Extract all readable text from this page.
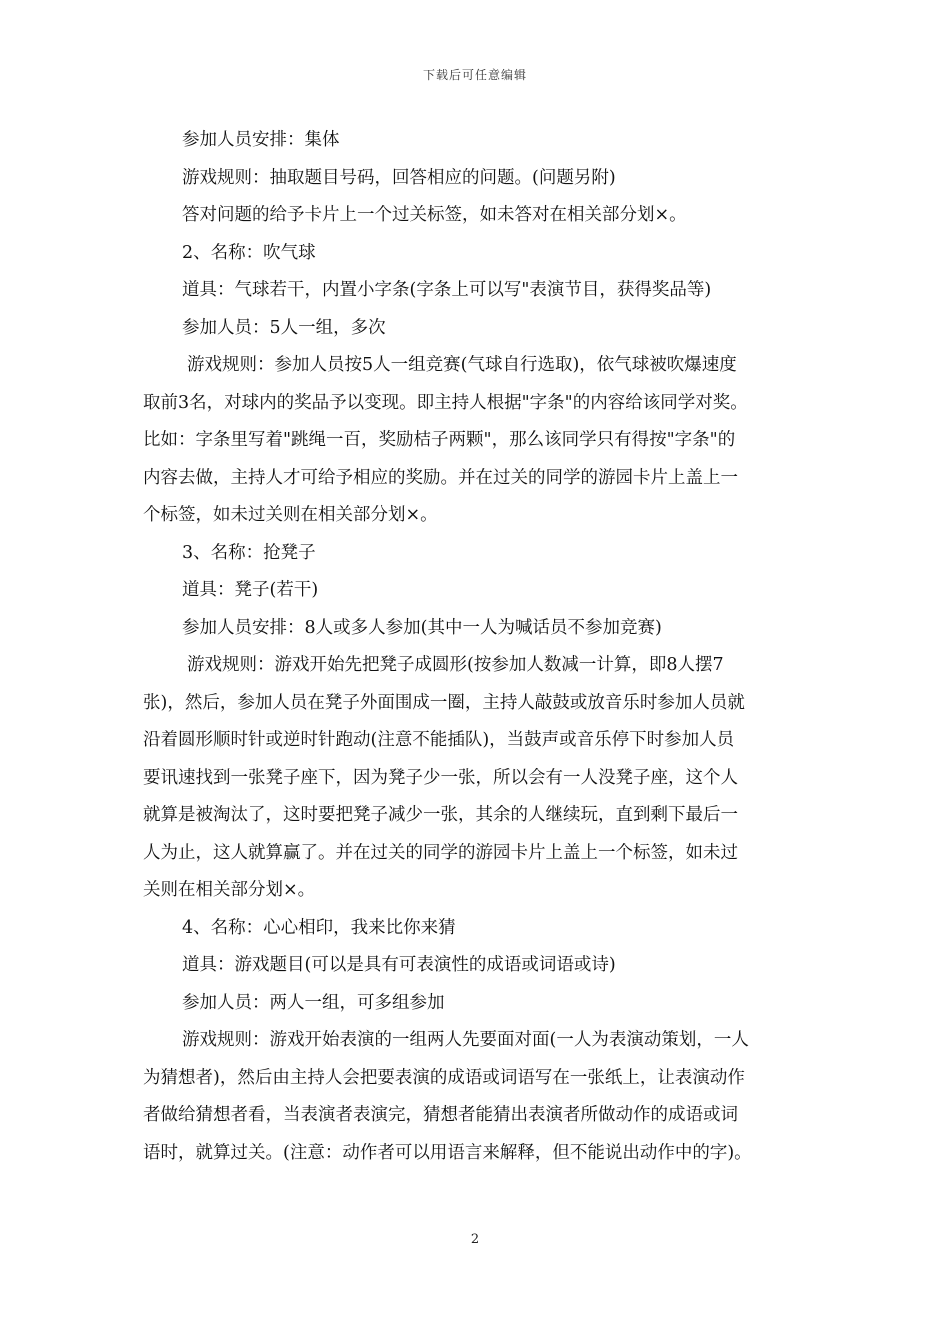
下载后可任意编辑

参加人员安排：集体

游戏规则：抽取题目号码，回答相应的问题。(问题另附)

答对问题的给予卡片上一个过关标签，如未答对在相关部分划×。

2、名称：吹气球

道具：气球若干，内置小字条(字条上可以写"表演节目，获得奖品等)

参加人员：5人一组，多次

游戏规则：参加人员按5人一组竞赛(气球自行选取)，依气球被吹爆速度
取前3名，对球内的奖品予以变现。即主持人根据"字条"的内容给该同学对奖。
比如：字条里写着"跳绳一百，奖励桔子两颗"，那么该同学只有得按"字条"的
内容去做，主持人才可给予相应的奖励。并在过关的同学的游园卡片上盖上一
个标签，如未过关则在相关部分划×。

3、名称：抢凳子

道具：凳子(若干)

参加人员安排：8人或多人参加(其中一人为喊话员不参加竞赛)

游戏规则：游戏开始先把凳子成圆形(按参加人数减一计算，即8人摆7
张)，然后，参加人员在凳子外面围成一圈，主持人敲鼓或放音乐时参加人员就
沿着圆形顺时针或逆时针跑动(注意不能插队)，当鼓声或音乐停下时参加人员
要讯速找到一张凳子座下，因为凳子少一张，所以会有一人没凳子座，这个人
就算是被淘汰了，这时要把凳子减少一张，其余的人继续玩，直到剩下最后一
人为止，这人就算赢了。并在过关的同学的游园卡片上盖上一个标签，如未过
关则在相关部分划×。

4、名称：心心相印，我来比你来猜

道具：游戏题目(可以是具有可表演性的成语或词语或诗)

参加人员：两人一组，可多组参加

游戏规则：游戏开始表演的一组两人先要面对面(一人为表演动策划，一人
为猜想者)，然后由主持人会把要表演的成语或词语写在一张纸上，让表演动作
者做给猜想者看，当表演者表演完，猜想者能猜出表演者所做动作的成语或词
语时，就算过关。(注意：动作者可以用语言来解释，但不能说出动作中的字)。
2
